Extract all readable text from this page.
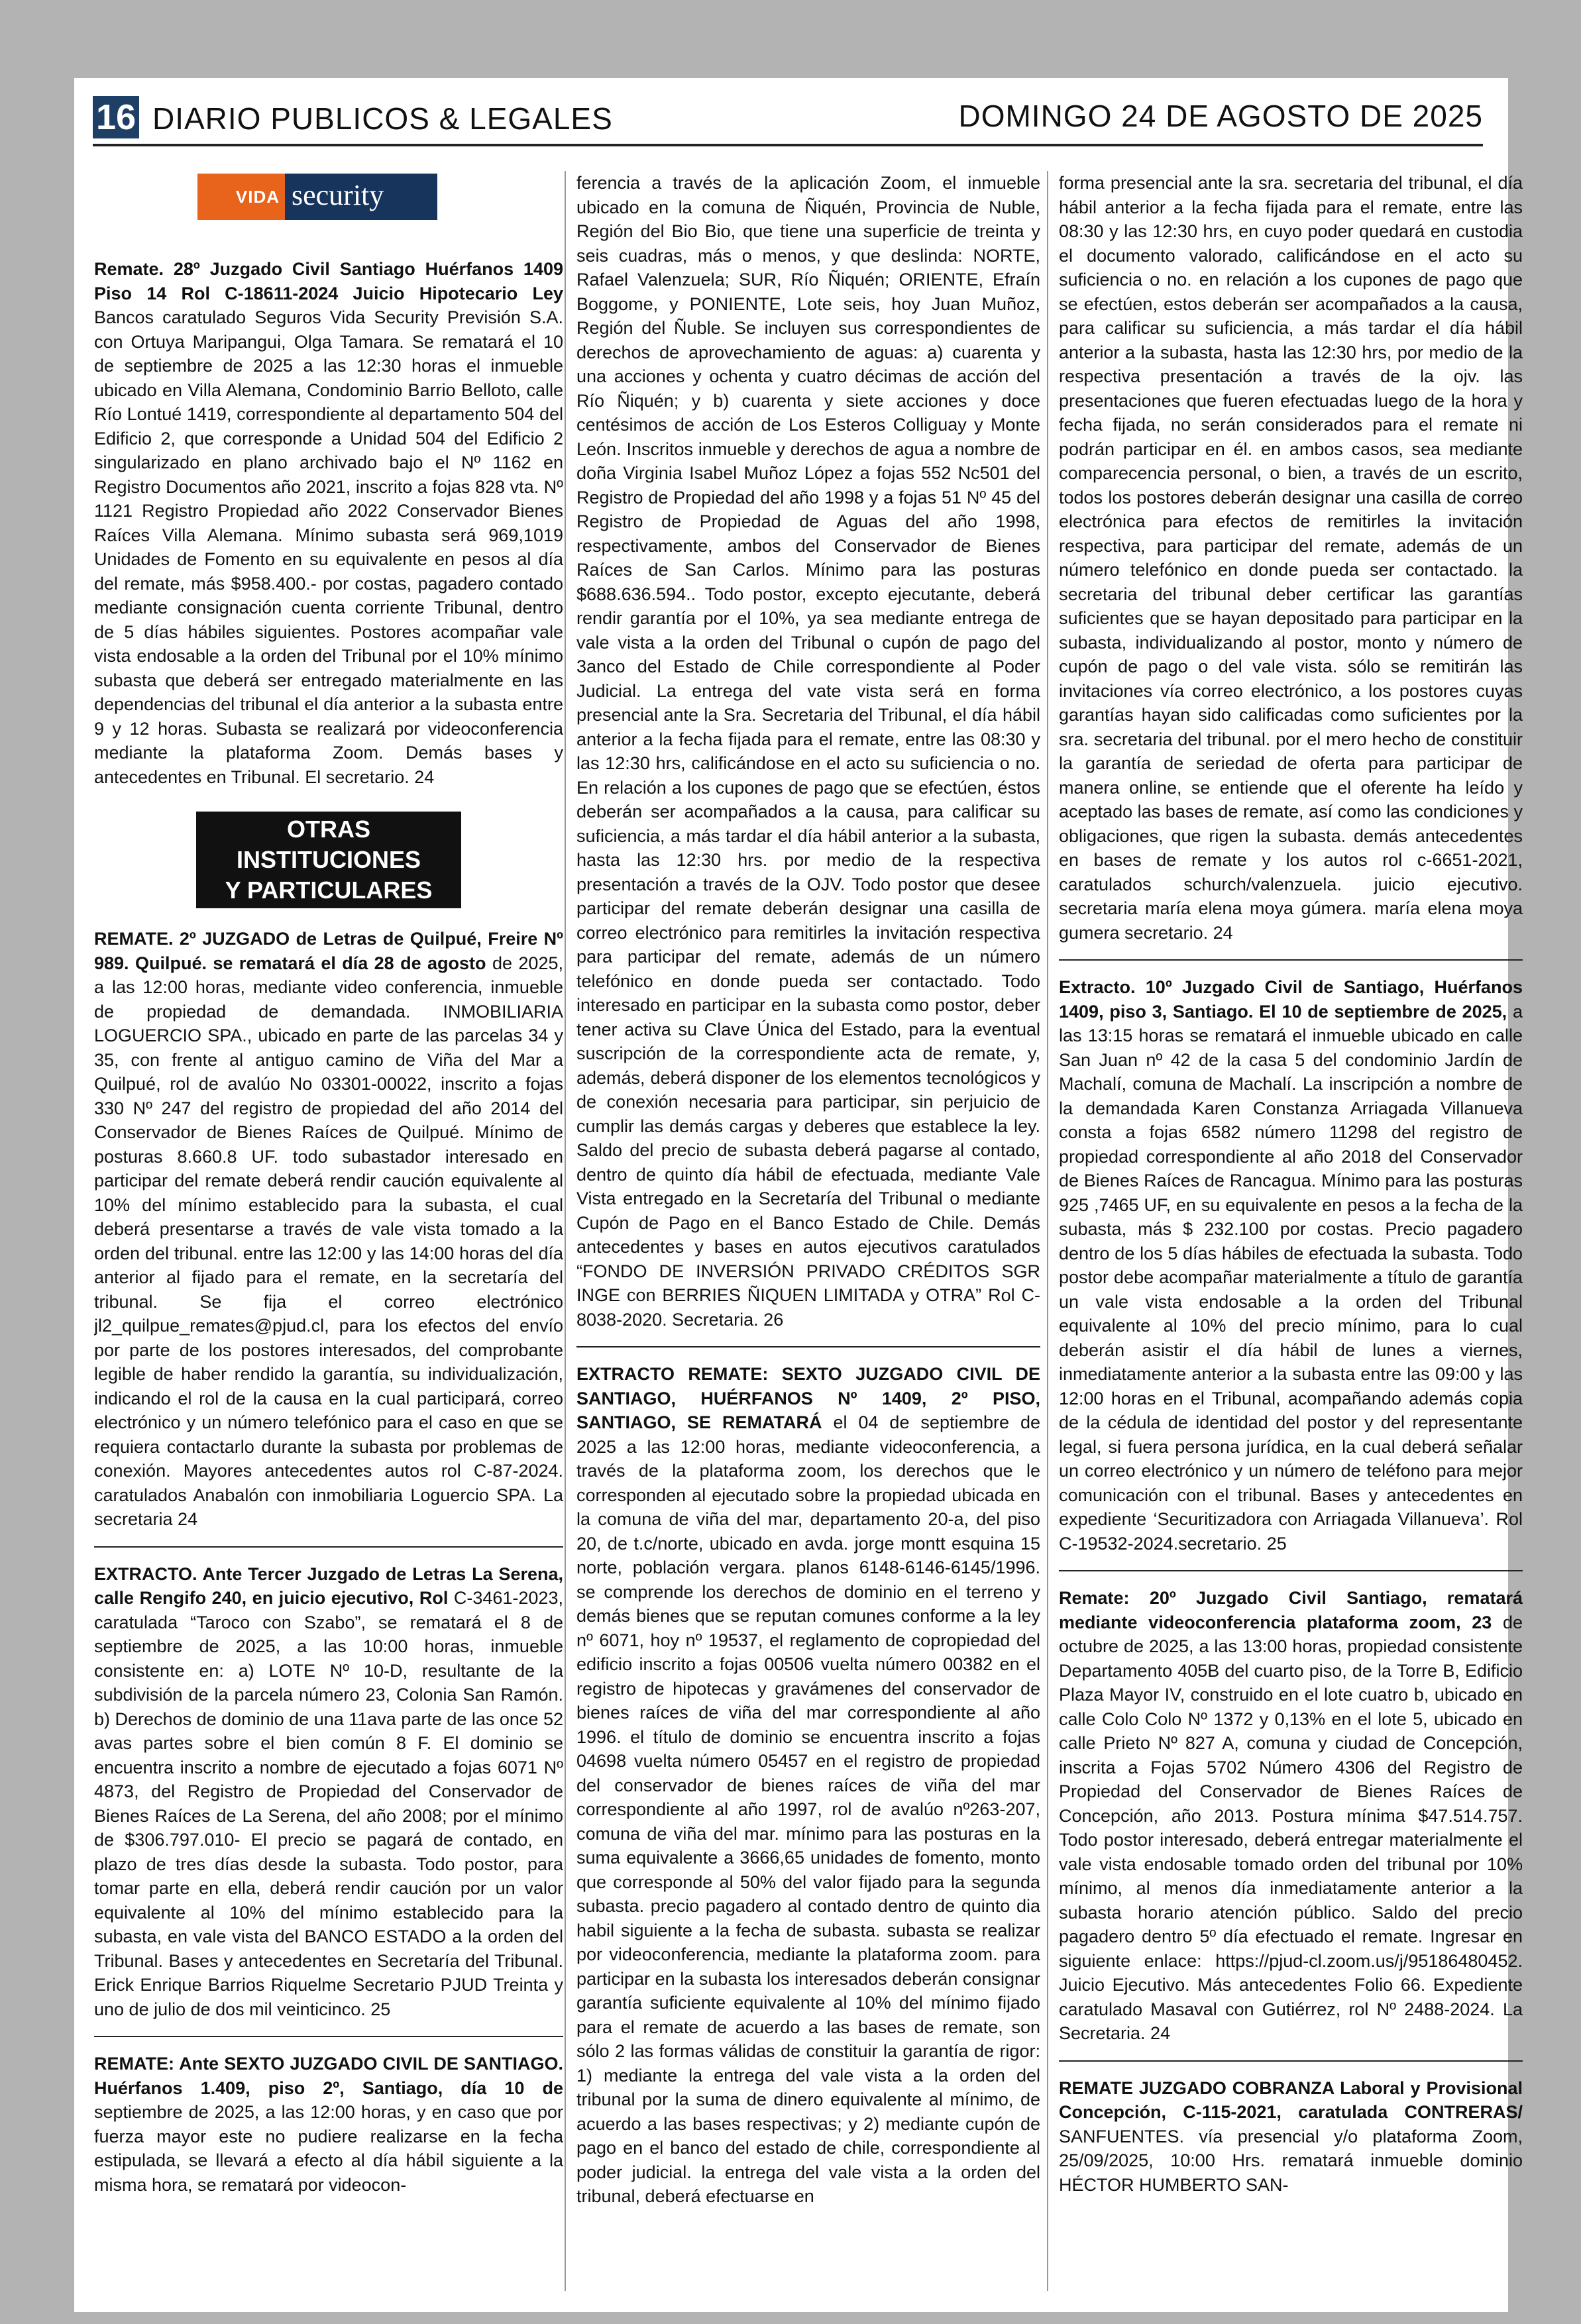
16 DIARIO PUBLICOS & LEGALES	DOMINGO 24 DE AGOSTO DE 2025
VIDA security

Remate. 28º Juzgado Civil Santiago Huérfanos 1409 Piso 14 Rol C-18611-2024 Juicio Hipotecario Ley Bancos caratulado Seguros Vida Security Previsión S.A. con Ortuya Maripangui, Olga Tamara. Se rematará el 10 de septiembre de 2025 a las 12:30 horas el inmueble ubicado en Villa Alemana, Condominio Barrio Belloto, calle Río Lontué 1419, correspondiente al departamento 504 del Edificio 2, que corresponde a Unidad 504 del Edificio 2 singularizado en plano archivado bajo el Nº 1162 en Registro Documentos año 2021, inscrito a fojas 828 vta. Nº 1121 Registro Propiedad año 2022 Conservador Bienes Raíces Villa Alemana. Mínimo subasta será 969,1019 Unidades de Fomento en su equivalente en pesos al día del remate, más $958.400.- por costas, pagadero contado mediante consignación cuenta corriente Tribunal, dentro de 5 días hábiles siguientes. Postores acompañar vale vista endosable a la orden del Tribunal por el 10% mínimo subasta que deberá ser entregado materialmente en las dependencias del tribunal el día anterior a la subasta entre 9 y 12 horas. Subasta se realizará por videoconferencia mediante la plataforma Zoom. Demás bases y antecedentes en Tribunal. El secretario. 24

OTRAS INSTITUCIONES
Y PARTICULARES

REMATE. 2º JUZGADO de Letras de Quilpué, Freire Nº 989. Quilpué. se rematará el día 28 de agosto de 2025, a las 12:00 horas, mediante video conferencia, inmueble de propiedad de demandada. INMOBILIARIA LOGUERCIO SPA., ubicado en parte de las parcelas 34 y 35, con frente al antiguo camino de Viña del Mar a Quilpué, rol de avalúo No 03301-00022, inscrito a fojas 330 Nº 247 del registro de propiedad del año 2014 del Conservador de Bienes Raíces de Quilpué. Mínimo de posturas 8.660.8 UF. todo subastador interesado en participar del remate deberá rendir caución equivalente al 10% del mínimo establecido para la subasta, el cual deberá presentarse a través de vale vista tomado a la orden del tribunal. entre las 12:00 y las 14:00 horas del día anterior al fijado para el remate, en la secretaría del tribunal. Se fija el correo electrónico jl2_quilpue_remates@pjud.cl, para los efectos del envío por parte de los postores interesados, del comprobante legible de haber rendido la garantía, su individualización, indicando el rol de la causa en la cual participará, correo electrónico y un número telefónico para el caso en que se requiera contactarlo durante la subasta por problemas de conexión. Mayores antecedentes autos rol C-87-2024. caratulados Anabalón con inmobiliaria Loguercio SPA. La secretaria 24

EXTRACTO. Ante Tercer Juzgado de Letras La Serena, calle Rengifo 240, en juicio ejecutivo, Rol C-3461-2023, caratulada “Taroco con Szabo”, se rematará el 8 de septiembre de 2025, a las 10:00 horas, inmueble consistente en: a) LOTE Nº 10-D, resultante de la subdivisión de la parcela número 23, Colonia San Ramón. b) Derechos de dominio de una 11ava parte de las once 52 avas partes sobre el bien común 8 F. El dominio se encuentra inscrito a nombre de ejecutado a fojas 6071 Nº 4873, del Registro de Propiedad del Conservador de Bienes Raíces de La Serena, del año 2008; por el mínimo de $306.797.010- El precio se pagará de contado, en plazo de tres días desde la subasta. Todo postor, para tomar parte en ella, deberá rendir caución por un valor equivalente al 10% del mínimo establecido para la subasta, en vale vista del BANCO ESTADO a la orden del Tribunal. Bases y antecedentes en Secretaría del Tribunal. Erick Enrique Barrios Riquelme Secretario PJUD Treinta y uno de julio de dos mil veinticinco. 25

REMATE: Ante SEXTO JUZGADO CIVIL DE SANTIAGO. Huérfanos 1.409, piso 2º, Santiago, día 10 de septiembre de 2025, a las 12:00 horas, y en caso que por fuerza mayor este no pudiere realizarse en la fecha estipulada, se llevará a efecto al día hábil siguiente a la misma hora, se rematará por videocon-

ferencia a través de la aplicación Zoom, el inmueble ubicado en la comuna de Ñiquén, Provincia de Nuble, Región del Bio Bio, que tiene una superficie de treinta y seis cuadras, más o menos, y que deslinda: NORTE, Rafael Valenzuela; SUR, Río Ñiquén; ORIENTE, Efraín Boggome, y PONIENTE, Lote seis, hoy Juan Muñoz, Región del Ñuble. Se incluyen sus correspondientes de derechos de aprovechamiento de aguas: a) cuarenta y una acciones y ochenta y cuatro décimas de acción del Río Ñiquén; y b) cuarenta y siete acciones y doce centésimos de acción de Los Esteros Colliguay y Monte León. Inscritos inmueble y derechos de agua a nombre de doña Virginia Isabel Muñoz López a fojas 552 Nc501 del Registro de Propiedad del año 1998 y a fojas 51 Nº 45 del Registro de Propiedad de Aguas del año 1998, respectivamente, ambos del Conservador de Bienes Raíces de San Carlos. Mínimo para las posturas $688.636.594.. Todo postor, excepto ejecutante, deberá rendir garantía por el 10%, ya sea mediante entrega de vale vista a la orden del Tribunal o cupón de pago del 3anco del Estado de Chile correspondiente al Poder Judicial. La entrega del vate vista será en forma presencial ante la Sra. Secretaria del Tribunal, el día hábil anterior a la fecha fijada para el remate, entre las 08:30 y las 12:30 hrs, calificándose en el acto su suficiencia o no. En relación a los cupones de pago que se efectúen, éstos deberán ser acompañados a la causa, para calificar su suficiencia, a más tardar el día hábil anterior a la subasta, hasta las 12:30 hrs. por medio de la respectiva presentación a través de la OJV. Todo postor que desee participar del remate deberán designar una casilla de correo electrónico para remitirles la invitación respectiva para participar del remate, además de un número telefónico en donde pueda ser contactado. Todo interesado en participar en la subasta como postor, deber tener activa su Clave Única del Estado, para la eventual suscripción de la correspondiente acta de remate, y, además, deberá disponer de los elementos tecnológicos y de conexión necesaria para participar, sin perjuicio de cumplir las demás cargas y deberes que establece la ley. Saldo del precio de subasta deberá pagarse al contado, dentro de quinto día hábil de efectuada, mediante Vale Vista entregado en la Secretaría del Tribunal o mediante Cupón de Pago en el Banco Estado de Chile. Demás antecedentes y bases en autos ejecutivos caratulados “FONDO DE INVERSIÓN PRIVADO CRÉDITOS SGR INGE con BERRIES ÑIQUEN LIMITADA y OTRA” Rol C-8038-2020. Secretaria. 26

EXTRACTO REMATE: SEXTO JUZGADO CIVIL DE SANTIAGO, HUÉRFANOS Nº 1409, 2º PISO, SANTIAGO, SE REMATARÁ el 04 de septiembre de 2025 a las 12:00 horas, mediante videoconferencia, a través de la plataforma zoom, los derechos que le corresponden al ejecutado sobre la propiedad ubicada en la comuna de viña del mar, departamento 20-a, del piso 20, de t.c/norte, ubicado en avda. jorge montt esquina 15 norte, población vergara. planos 6148-6146-6145/1996. se comprende los derechos de dominio en el terreno y demás bienes que se reputan comunes conforme a la ley nº 6071, hoy nº 19537, el reglamento de copropiedad del edificio inscrito a fojas 00506 vuelta número 00382 en el registro de hipotecas y gravámenes del conservador de bienes raíces de viña del mar correspondiente al año 1996. el título de dominio se encuentra inscrito a fojas 04698 vuelta número 05457 en el registro de propiedad del conservador de bienes raíces de viña del mar correspondiente al año 1997, rol de avalúo nº263-207, comuna de viña del mar. mínimo para las posturas en la suma equivalente a 3666,65 unidades de fomento, monto que corresponde al 50% del valor fijado para la segunda subasta. precio pagadero al contado dentro de quinto dia habil siguiente a la fecha de subasta. subasta se realizar por videoconferencia, mediante la plataforma zoom. para participar en la subasta los interesados deberán consignar garantía suficiente equivalente al 10% del mínimo fijado para el remate de acuerdo a las bases de remate, son sólo 2 las formas válidas de constituir la garantía de rigor: 1) mediante la entrega del vale vista a la orden del tribunal por la suma de dinero equivalente al mínimo, de acuerdo a las bases respectivas; y 2) mediante cupón de pago en el banco del estado de chile, correspondiente al poder judicial. la entrega del vale vista a la orden del tribunal, deberá efectuarse en

forma presencial ante la sra. secretaria del tribunal, el día hábil anterior a la fecha fijada para el remate, entre las 08:30 y las 12:30 hrs, en cuyo poder quedará en custodia el documento valorado, calificándose en el acto su suficiencia o no. en relación a los cupones de pago que se efectúen, estos deberán ser acompañados a la causa, para calificar su suficiencia, a más tardar el día hábil anterior a la subasta, hasta las 12:30 hrs, por medio de la respectiva presentación a través de la ojv. las presentaciones que fueren efectuadas luego de la hora y fecha fijada, no serán considerados para el remate ni podrán participar en él. en ambos casos, sea mediante comparecencia personal, o bien, a través de un escrito, todos los postores deberán designar una casilla de correo electrónica para efectos de remitirles la invitación respectiva, para participar del remate, además de un número telefónico en donde pueda ser contactado. la secretaria del tribunal deber certificar las garantías suficientes que se hayan depositado para participar en la subasta, individualizando al postor, monto y número de cupón de pago o del vale vista. sólo se remitirán las invitaciones vía correo electrónico, a los postores cuyas garantías hayan sido calificadas como suficientes por la sra. secretaria del tribunal. por el mero hecho de constituir la garantía de seriedad de oferta para participar de manera online, se entiende que el oferente ha leído y aceptado las bases de remate, así como las condiciones y obligaciones, que rigen la subasta. demás antecedentes en bases de remate y los autos rol c-6651-2021, caratulados schurch/valenzuela. juicio ejecutivo. secretaria maría elena moya gúmera. maría elena moya gumera secretario. 24

Extracto. 10º Juzgado Civil de Santiago, Huérfanos 1409, piso 3, Santiago. El 10 de septiembre de 2025, a las 13:15 horas se rematará el inmueble ubicado en calle San Juan nº 42 de la casa 5 del condominio Jardín de Machalí, comuna de Machalí. La inscripción a nombre de la demandada Karen Constanza Arriagada Villanueva consta a fojas 6582 número 11298 del registro de propiedad correspondiente al año 2018 del Conservador de Bienes Raíces de Rancagua. Mínimo para las posturas 925 ,7465 UF, en su equivalente en pesos a la fecha de la subasta, más $ 232.100 por costas. Precio pagadero dentro de los 5 días hábiles de efectuada la subasta. Todo postor debe acompañar materialmente a título de garantía un vale vista endosable a la orden del Tribunal equivalente al 10% del precio mínimo, para lo cual deberán asistir el día hábil de lunes a viernes, inmediatamente anterior a la subasta entre las 09:00 y las 12:00 horas en el Tribunal, acompañando además copia de la cédula de identidad del postor y del representante legal, si fuera persona jurídica, en la cual deberá señalar un correo electrónico y un número de teléfono para mejor comunicación con el tribunal. Bases y antecedentes en expediente ‘Securitizadora con Arriagada Villanueva’. Rol C-19532-2024.secretario. 25

Remate: 20º Juzgado Civil Santiago, rematará mediante videoconferencia plataforma zoom, 23 de octubre de 2025, a las 13:00 horas, propiedad consistente Departamento 405B del cuarto piso, de la Torre B, Edificio Plaza Mayor IV, construido en el lote cuatro b, ubicado en calle Colo Colo Nº 1372 y 0,13% en el lote 5, ubicado en calle Prieto Nº 827 A, comuna y ciudad de Concepción, inscrita a Fojas 5702 Número 4306 del Registro de Propiedad del Conservador de Bienes Raíces de Concepción, año 2013. Postura mínima $47.514.757. Todo postor interesado, deberá entregar materialmente el vale vista endosable tomado orden del tribunal por 10% mínimo, al menos día inmediatamente anterior a la subasta horario atención público. Saldo del precio pagadero dentro 5º día efectuado el remate. Ingresar en siguiente enlace: https://pjud-cl.zoom.us/j/95186480452. Juicio Ejecutivo. Más antecedentes Folio 66. Expediente caratulado Masaval con Gutiérrez, rol Nº 2488-2024. La Secretaria. 24

REMATE JUZGADO COBRANZA Laboral y Provisional Concepción, C-115-2021, caratulada CONTRERAS/ SANFUENTES. vía presencial y/o plataforma Zoom, 25/09/2025, 10:00 Hrs. rematará inmueble dominio HÉCTOR HUMBERTO SAN-
